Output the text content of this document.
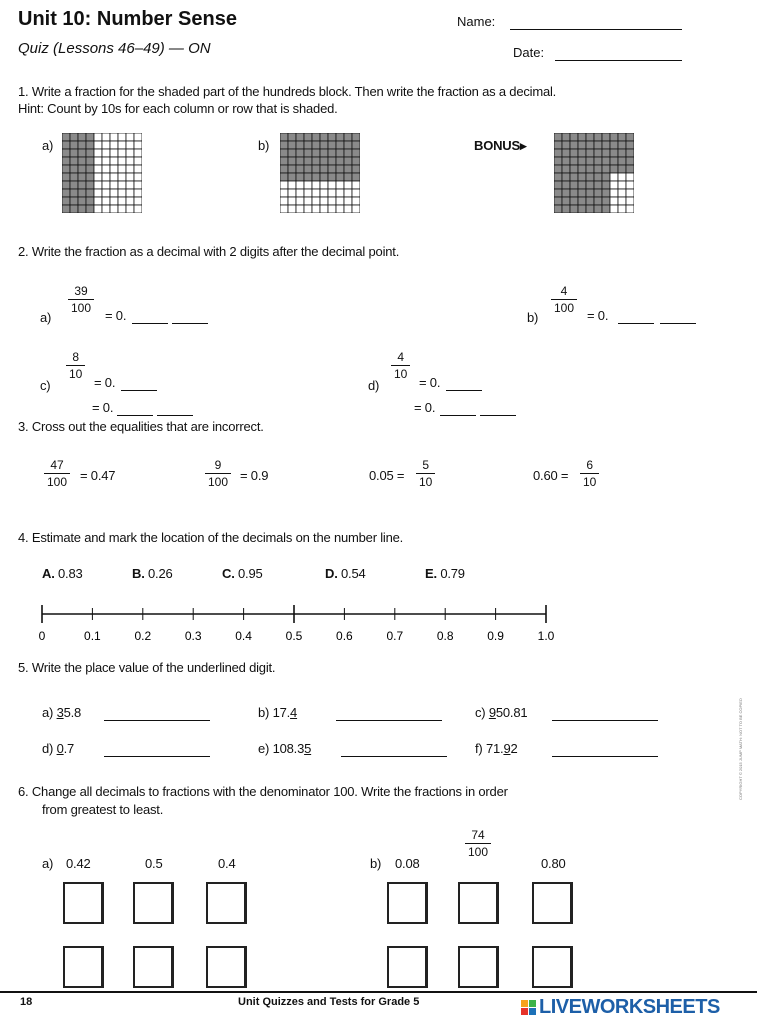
Unit 10: Number Sense
Quiz (Lessons 46–49) — ON
Name:
Date:
1. Write a fraction for the shaded part of the hundreds block. Then write the fraction as a decimal.
Hint: Count by 10s for each column or row that is shaded.
a)	b)	BONUS▸
2. Write the fraction as a decimal with 2 digits after the decimal point.
a)
39
100 = 0.	b)
4
100 = 0.
c)
8
10
= 0.
= 0.
d)
4
10
= 0.
= 0.
3. Cross out the equalities that are incorrect.
47
100 = 0.47
9
100 = 0.9	0.05 =
5
10	0.60 =
6
10
4. Estimate and mark the location of the decimals on the number line.
A. 0.83	B. 0.26	C. 0.95	D. 0.54	E. 0.79
0	0.1	0.2	0.3	0.4	0.5	0.6	0.7	0.8	0.9	1.0
5. Write the place value of the underlined digit.
a) 35.8	b) 17.4	c) 950.81
d) 0.7	e) 108.35	f) 71.92
6. Change all decimals to fractions with the denominator 100. Write the fractions in order
from greatest to least.
a) 0.42	0.5	0.4	b) 0.08
74
100
0.80
18	Unit Quizzes and Tests for Grade 5	LIVEWORKSHEETS
COPYRIGHT © 2015 JUMP MATH: NOT TO BE COPIED
